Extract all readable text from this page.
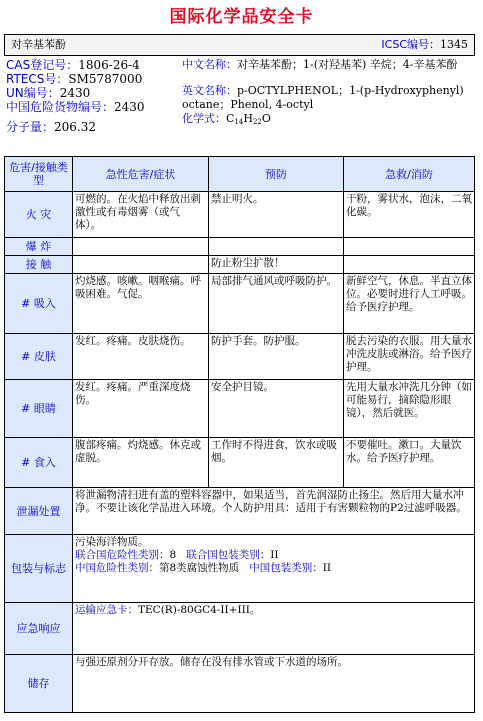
国际化学品安全卡
对辛基苯酚	ICSC编号：1345
CAS登记号：1806-26-4
RTECS号：SM5787000
UN编号：2430
中国危险货物编号：2430
分子量：206.32
中文名称：对辛基苯酚；1-(对羟基苯) 辛烷；4-辛基苯酚
英文名称：p-OCTYLPHENOL；1-(p-Hydroxyphenyl) octane；Phenol, 4-octyl
化学式：$C_{14}H_{22}O$
危害/接触类型	急性危害/症状	预防	急救/消防
火 灾	可燃的。在火焰中释放出刺激性或有毒烟雾（或气体）。	禁止明火。	干粉，雾状水，泡沫，二氧化碳。
爆 炸			
接 触		防止粉尘扩散！	
# 吸入	灼烧感。咳嗽。咽喉痛。呼吸困难。气促。	局部排气通风或呼吸防护。	新鲜空气，休息。半直立体位。必要时进行人工呼吸。给予医疗护理。
# 皮肤	发红。疼痛。皮肤烧伤。	防护手套。防护服。	脱去污染的衣服。用大量水冲洗皮肤或淋浴。给予医疗护理。
# 眼睛	发红。疼痛。严重深度烧伤。	安全护目镜。	先用大量水冲洗几分钟（如可能易行，摘除隐形眼镜），然后就医。
# 食入	腹部疼痛。灼烧感。休克或虚脱。	工作时不得进食，饮水或吸烟。	不要催吐。漱口。大量饮水。给予医疗护理。
泄漏处置	将泄漏物清扫进有盖的塑料容器中，如果适当，首先润湿防止扬尘。然后用大量水冲净。不要让该化学品进入环境。个人防护用具：适用于有害颗粒物的P2过滤呼吸器。		
包装与标志	污染海洋物质。
联合国危险性类别：8 联合国包装类别：II
中国危险性类别：第8类腐蚀性物质 中国包装类别：II		

应急响应	运输应急卡：TEC(R)-80GC4-II+III。		
储存	与强还原剂分开存放。储存在没有排水管或下水道的场所。		
